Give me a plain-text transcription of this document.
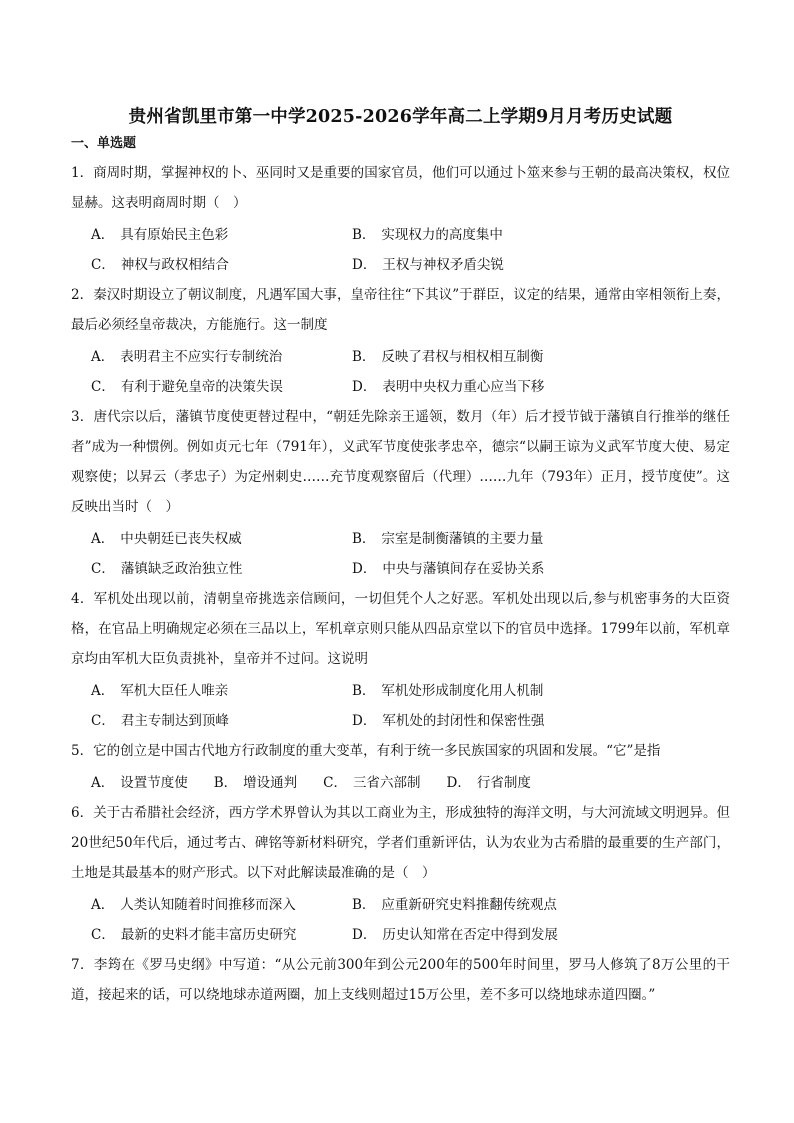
贵州省凯里市第一中学2025-2026学年高二上学期9月月考历史试题
一、单选题

1．商周时期，掌握神权的卜、巫同时又是重要的国家官员，他们可以通过卜筮来参与王朝的最高决策权，权位显赫。这表明商周时期（　）

A． 具有原始民主色彩	B． 实现权力的高度集中
C． 神权与政权相结合	D． 王权与神权矛盾尖锐

2．秦汉时期设立了朝议制度，凡遇军国大事，皇帝往往“下其议”于群臣，议定的结果，通常由宰相领衔上奏，最后必须经皇帝裁决，方能施行。这一制度

A． 表明君主不应实行专制统治	B． 反映了君权与相权相互制衡
C． 有利于避免皇帝的决策失误	D． 表明中央权力重心应当下移

3．唐代宗以后，藩镇节度使更替过程中，“朝廷先除亲王遥领，数月（年）后才授节钺于藩镇自行推举的继任者”成为一种惯例。例如贞元七年（791年），义武军节度使张孝忠卒，德宗“以嗣王谅为义武军节度大使、易定观察使；以昇云（孝忠子）为定州刺史……充节度观察留后（代理）……九年（793年）正月，授节度使”。这反映出当时（　）

A． 中央朝廷已丧失权威	B． 宗室是制衡藩镇的主要力量
C． 藩镇缺乏政治独立性	D． 中央与藩镇间存在妥协关系

4．军机处出现以前，清朝皇帝挑选亲信顾问，一切但凭个人之好恶。军机处出现以后,参与机密事务的大臣资格，在官品上明确规定必须在三品以上，军机章京则只能从四品京堂以下的官员中选择。1799年以前，军机章京均由军机大臣负责挑补，皇帝并不过问。这说明

A． 军机大臣任人唯亲	B． 军机处形成制度化用人机制
C． 君主专制达到顶峰	D． 军机处的封闭性和保密性强

5．它的创立是中国古代地方行政制度的重大变革，有利于统一多民族国家的巩固和发展。“它”是指

A． 设置节度使 B． 增设通判 C． 三省六部制 D． 行省制度

6．关于古希腊社会经济，西方学术界曾认为其以工商业为主，形成独特的海洋文明，与大河流域文明迥异。但20世纪50年代后，通过考古、碑铭等新材料研究，学者们重新评估，认为农业为古希腊的最重要的生产部门，土地是其最基本的财产形式。以下对此解读最准确的是（　）

A． 人类认知随着时间推移而深入	B． 应重新研究史料推翻传统观点
C． 最新的史料才能丰富历史研究	D． 历史认知常在否定中得到发展

7．李筠在《罗马史纲》中写道：“从公元前300年到公元200年的500年时间里，罗马人修筑了8万公里的干道，接起来的话，可以绕地球赤道两圈，加上支线则超过15万公里，差不多可以绕地球赤道四圈。”
